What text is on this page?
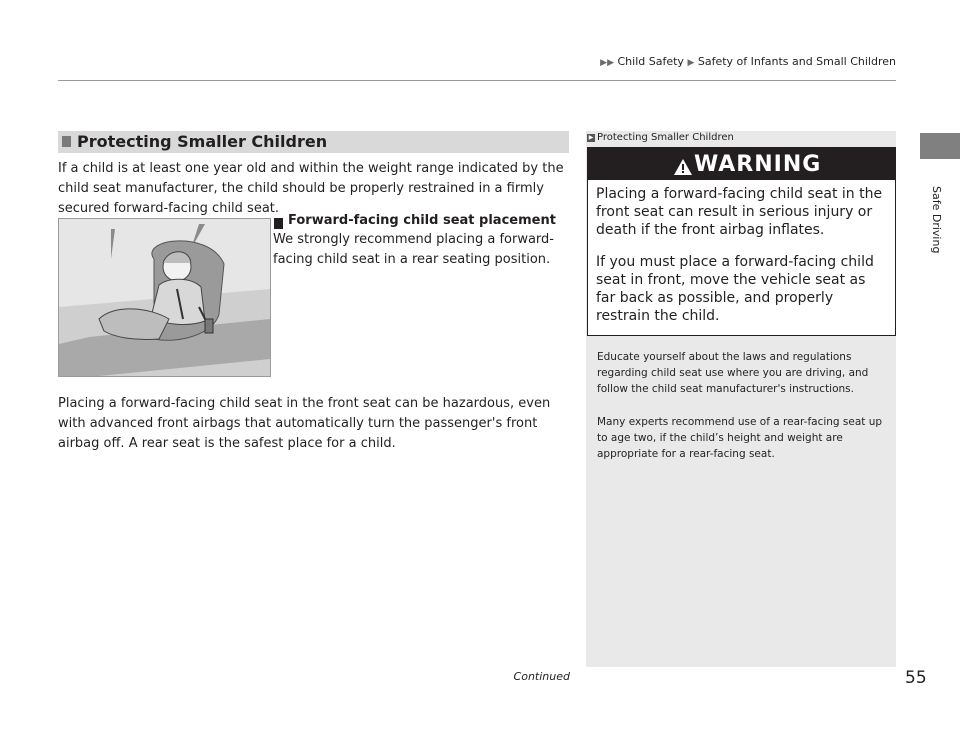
▶▶ Child Safety ▶ Safety of Infants and Small Children
Safe Driving
Protecting Smaller Children
If a child is at least one year old and within the weight range indicated by the child seat manufacturer, the child should be properly restrained in a firmly secured forward-facing child seat.
Forward-facing child seat placement
We strongly recommend placing a forward-facing child seat in a rear seating position.
Placing a forward-facing child seat in the front seat can be hazardous, even with advanced front airbags that automatically turn the passenger's front airbag off. A rear seat is the safest place for a child.
▶ Protecting Smaller Children
WARNING
Placing a forward-facing child seat in the front seat can result in serious injury or death if the front airbag inflates.
If you must place a forward-facing child seat in front, move the vehicle seat as far back as possible, and properly restrain the child.
Educate yourself about the laws and regulations regarding child seat use where you are driving, and follow the child seat manufacturer's instructions.
Many experts recommend use of a rear-facing seat up to age two, if the child’s height and weight are appropriate for a rear-facing seat.
Continued	55
